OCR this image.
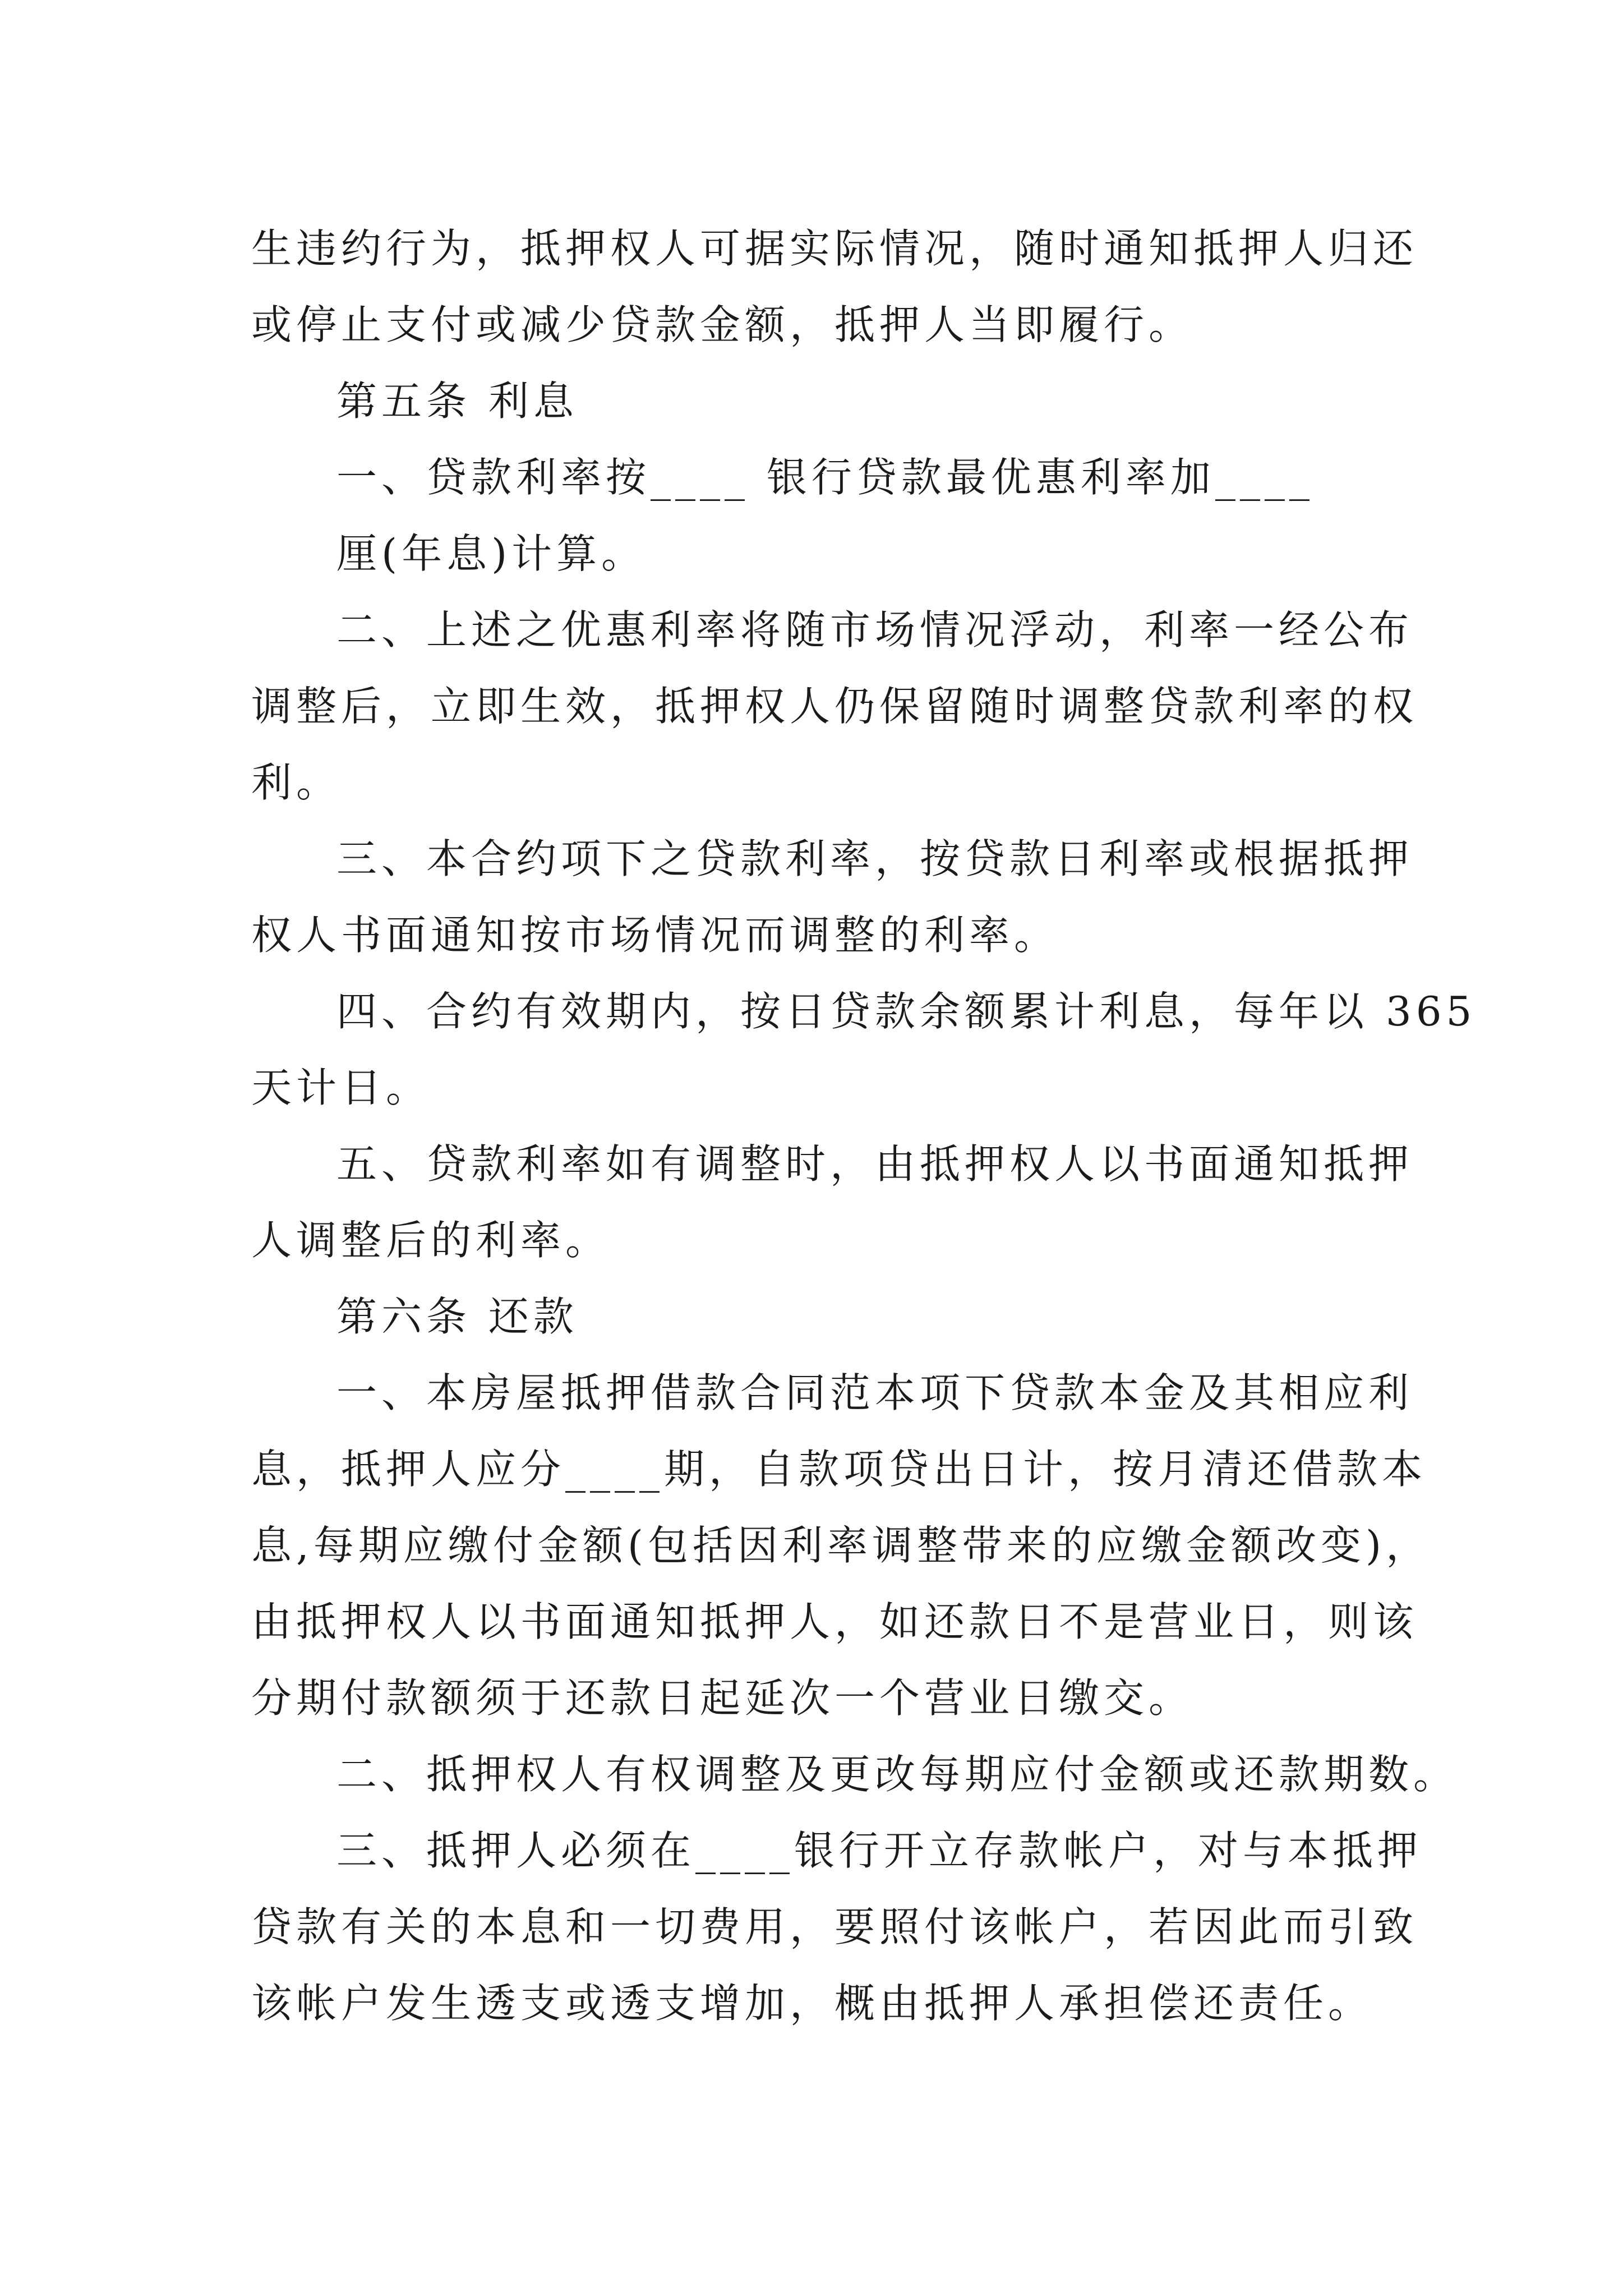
生违约行为，抵押权人可据实际情况，随时通知抵押人归还
或停止支付或减少贷款金额，抵押人当即履行。
第五条 利息
一、贷款利率按____ 银行贷款最优惠利率加____
厘(年息)计算。
二、上述之优惠利率将随市场情况浮动，利率一经公布
调整后，立即生效，抵押权人仍保留随时调整贷款利率的权
利。
三、本合约项下之贷款利率，按贷款日利率或根据抵押
权人书面通知按市场情况而调整的利率。
四、合约有效期内，按日贷款余额累计利息，每年以 365
天计日。
五、贷款利率如有调整时，由抵押权人以书面通知抵押
人调整后的利率。
第六条 还款
一、本房屋抵押借款合同范本项下贷款本金及其相应利
息，抵押人应分____期，自款项贷出日计，按月清还借款本
息,每期应缴付金额(包括因利率调整带来的应缴金额改变)，
由抵押权人以书面通知抵押人，如还款日不是营业日，则该
分期付款额须于还款日起延次一个营业日缴交。
二、抵押权人有权调整及更改每期应付金额或还款期数。
三、抵押人必须在____银行开立存款帐户，对与本抵押
贷款有关的本息和一切费用，要照付该帐户，若因此而引致
该帐户发生透支或透支增加，概由抵押人承担偿还责任。
